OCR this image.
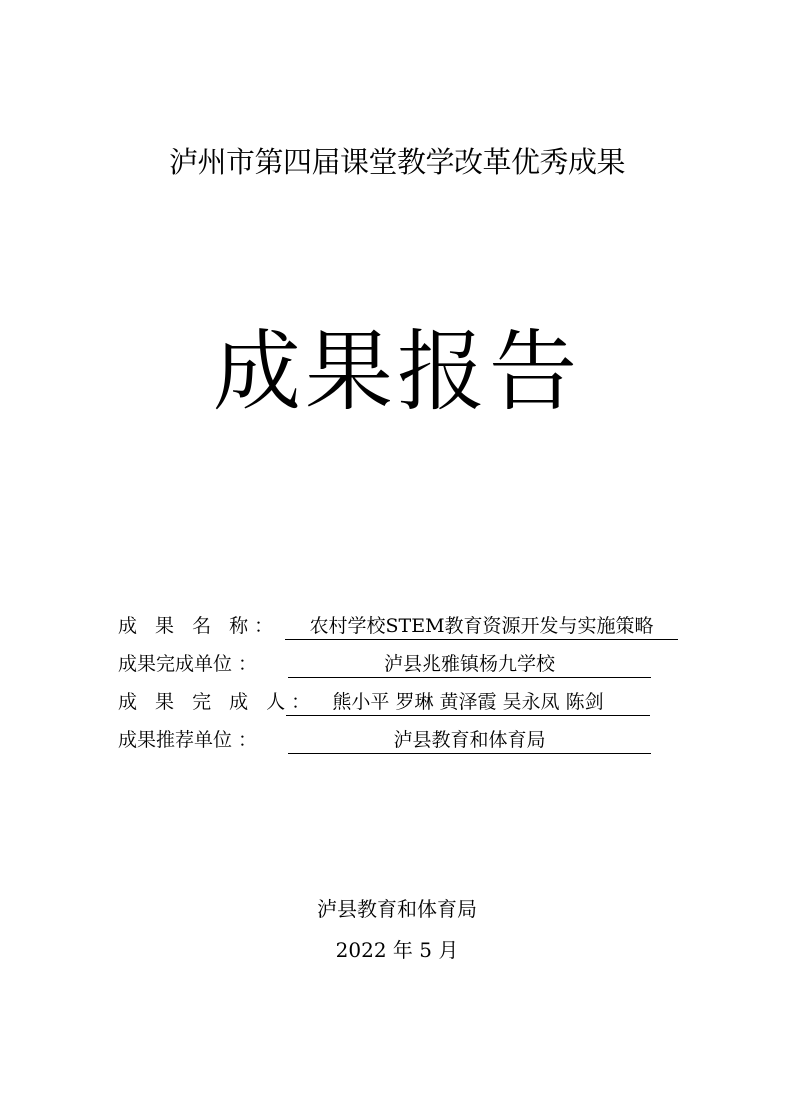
泸州市第四届课堂教学改革优秀成果
成果报告
成 果 名 称：	农村学校STEM教育资源开发与实施策略
成果完成单位 ：	泸县兆雅镇杨九学校
成 果 完 成 人： 熊小平 罗琳 黄泽霞 吴永凤 陈剑
成果推荐单位 ：	泸县教育和体育局
泸县教育和体育局
2022 年 5 月
